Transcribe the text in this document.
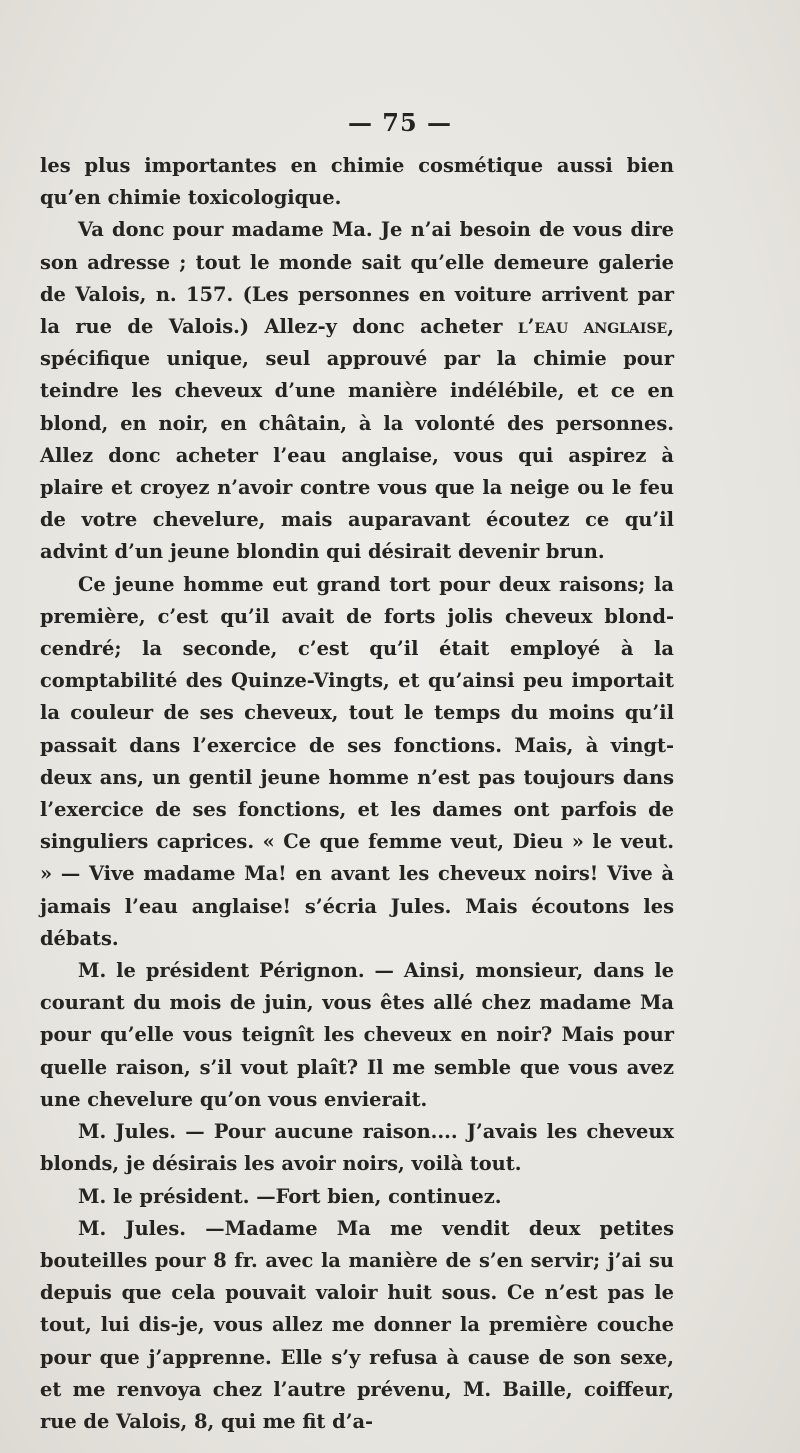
— 75 —

les plus importantes en chimie cosmétique aussi bien qu’en chimie toxicologique.

Va donc pour madame Ma. Je n’ai besoin de vous dire son adresse ; tout le monde sait qu’elle demeure galerie de Valois, n. 157. (Les personnes en voiture arrivent par la rue de Valois.) Allez-y donc acheter l’eau anglaise, spécifique unique, seul approuvé par la chimie pour teindre les cheveux d’une manière indélébile, et ce en blond, en noir, en châtain, à la volonté des personnes. Allez donc acheter l’eau anglaise, vous qui aspirez à plaire et croyez n’avoir contre vous que la neige ou le feu de votre chevelure, mais auparavant écoutez ce qu’il advint d’un jeune blondin qui désirait devenir brun.

Ce jeune homme eut grand tort pour deux raisons; la première, c’est qu’il avait de forts jolis cheveux blond-cendré; la seconde, c’est qu’il était employé à la comptabilité des Quinze-Vingts, et qu’ainsi peu importait la couleur de ses cheveux, tout le temps du moins qu’il passait dans l’exercice de ses fonctions. Mais, à vingt-deux ans, un gentil jeune homme n’est pas toujours dans l’exercice de ses fonctions, et les dames ont parfois de singuliers caprices. « Ce que femme veut, Dieu » le veut. » — Vive madame Ma! en avant les cheveux noirs! Vive à jamais l’eau anglaise! s’écria Jules. Mais écoutons les débats.

M. le président Pérignon. — Ainsi, monsieur, dans le courant du mois de juin, vous êtes allé chez madame Ma pour qu’elle vous teignît les cheveux en noir? Mais pour quelle raison, s’il vout plaît? Il me semble que vous avez une chevelure qu’on vous envierait.

M. Jules. — Pour aucune raison.... J’avais les cheveux blonds, je désirais les avoir noirs, voilà tout.

M. le président. —Fort bien, continuez.

M. Jules. —Madame Ma me vendit deux petites bouteilles pour 8 fr. avec la manière de s’en servir; j’ai su depuis que cela pouvait valoir huit sous. Ce n’est pas le tout, lui dis-je, vous allez me donner la première couche pour que j’apprenne. Elle s’y refusa à cause de son sexe, et me renvoya chez l’autre prévenu, M. Baille, coiffeur, rue de Valois, 8, qui me fit d’a-
